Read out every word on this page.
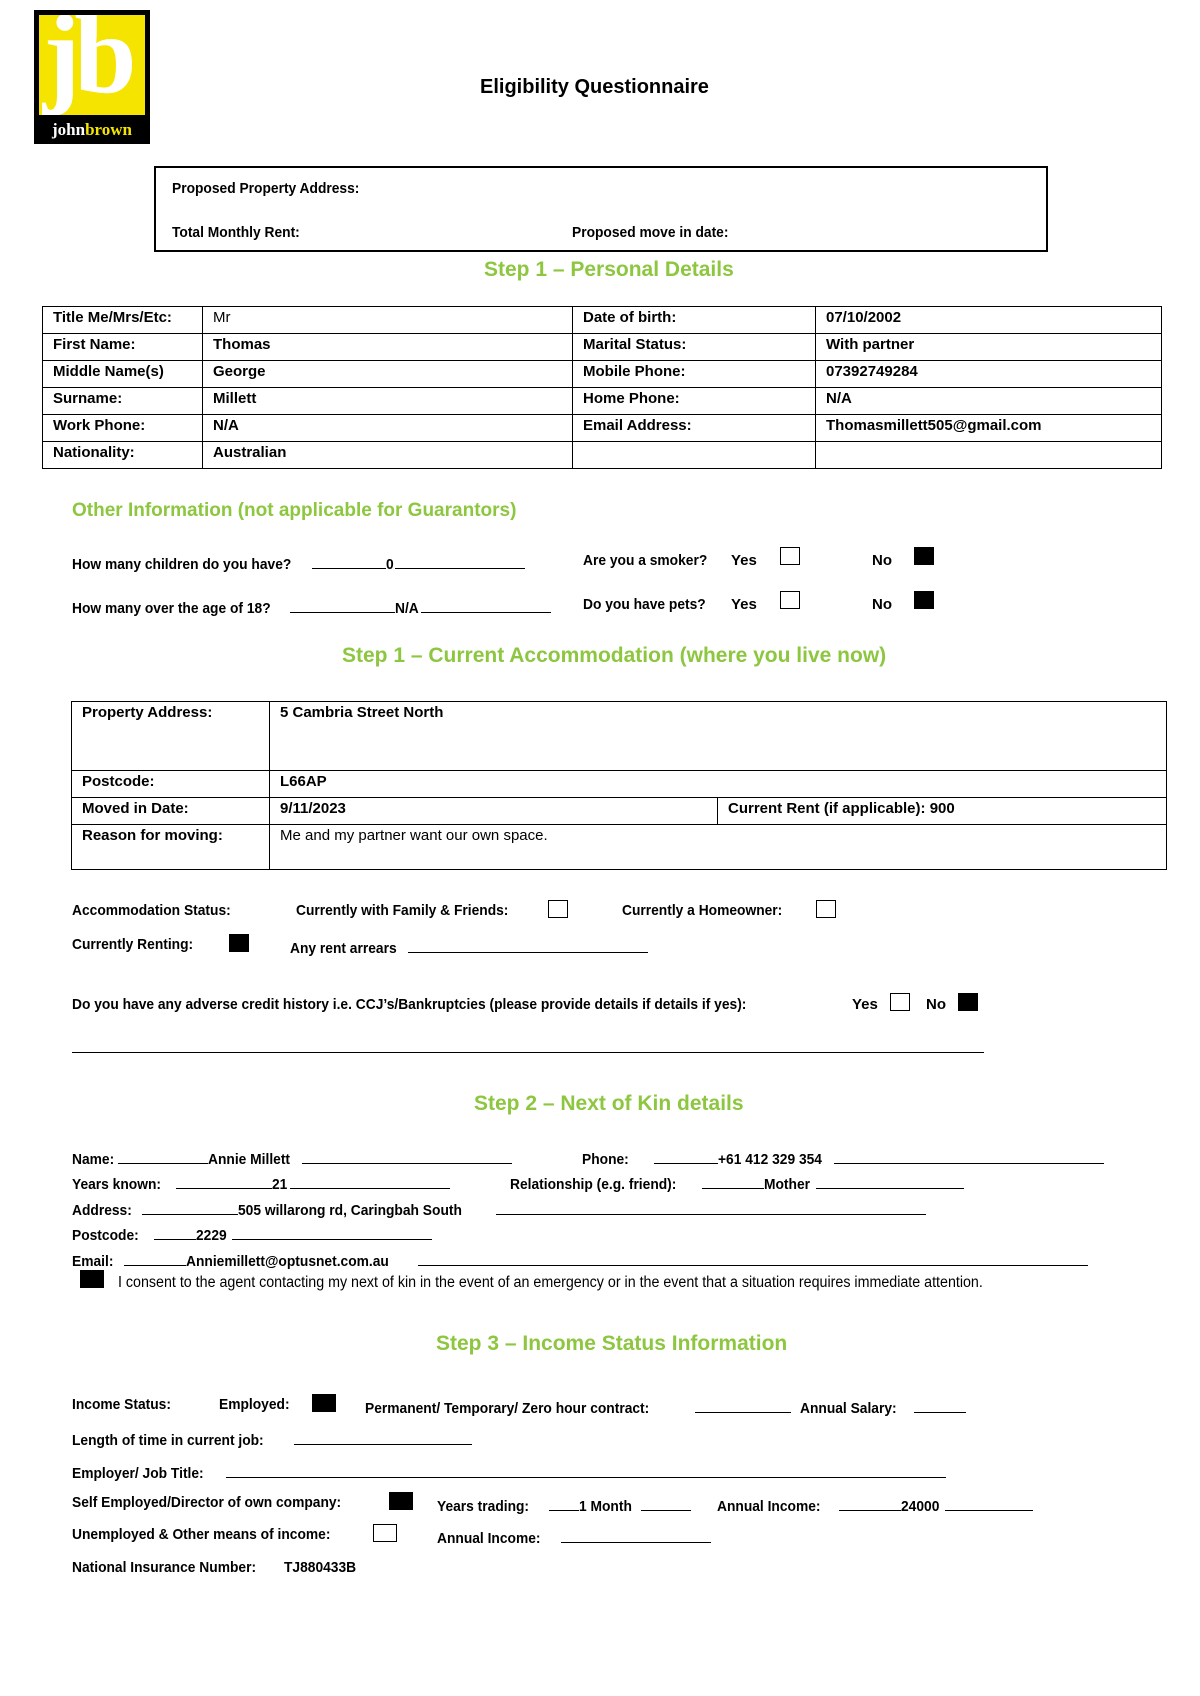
jb
johnbrown
Eligibility Questionnaire
Proposed Property Address:
Total Monthly Rent:	Proposed move in date:
Step 1 – Personal Details
Title Me/Mrs/Etc:	Mr	Date of birth:	07/10/2002
First Name:	Thomas	Marital Status:	With partner
Middle Name(s)	George	Mobile Phone:	07392749284
Surname:	Millett	Home Phone:	N/A
Work Phone:	N/A	Email Address:	Thomasmillett505@gmail.com
Nationality:	Australian		
Other Information (not applicable for Guarantors)
How many children do you have?	0
How many over the age of 18?	N/A
Are you a smoker?	Yes	No
Do you have pets?	Yes	No
Step 1 – Current Accommodation (where you live now)
Property Address:	5 Cambria Street North	
Postcode:	L66AP	
Moved in Date:	9/11/2023	Current Rent (if applicable): 900
Reason for moving:	Me and my partner want our own space.	
Accommodation Status:	Currently with Family & Friends:	Currently a Homeowner:
Currently Renting:	Any rent arrears
Do you have any adverse credit history i.e. CCJ’s/Bankruptcies (please provide details if details if yes):	Yes	No
Step 2 – Next of Kin details
Name:	Annie Millett	Phone:	+61 412 329 354
Years known:	21	Relationship (e.g. friend):	Mother
Address:	505 willarong rd, Caringbah South
Postcode:	2229
Email:	Anniemillett@optusnet.com.au
I consent to the agent contacting my next of kin in the event of an emergency or in the event that a situation requires immediate attention.
Step 3 – Income Status Information
Income Status:	Employed:	Permanent/ Temporary/ Zero hour contract:	Annual Salary:
Length of time in current job:
Employer/ Job Title:
Self Employed/Director of own company:	Years trading:	1 Month	Annual Income:	24000
Unemployed & Other means of income:	Annual Income:
National Insurance Number: TJ880433B
